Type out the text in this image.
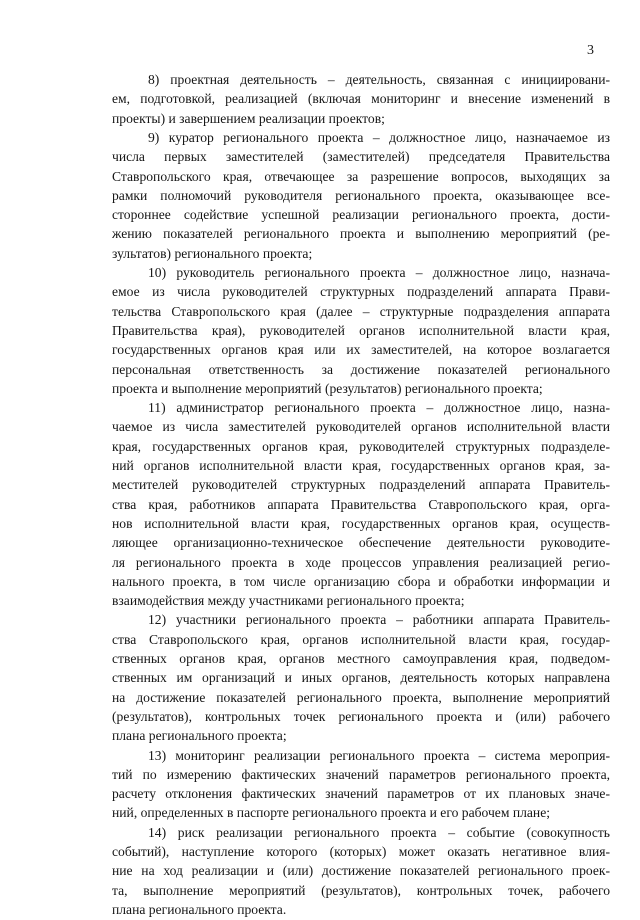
3
8) проектная деятельность – деятельность, связанная с инициировани-
ем, подготовкой, реализацией (включая мониторинг и внесение изменений в
проекты) и завершением реализации проектов;
9) куратор регионального проекта – должностное лицо, назначаемое из
числа первых заместителей (заместителей) председателя Правительства
Ставропольского края, отвечающее за разрешение вопросов, выходящих за
рамки полномочий руководителя регионального проекта, оказывающее все-
стороннее содействие успешной реализации регионального проекта, дости-
жению показателей регионального проекта и выполнению мероприятий (ре-
зультатов) регионального проекта;
10) руководитель регионального проекта – должностное лицо, назнача-
емое из числа руководителей структурных подразделений аппарата Прави-
тельства Ставропольского края (далее – структурные подразделения аппарата
Правительства края), руководителей органов исполнительной власти края,
государственных органов края или их заместителей, на которое возлагается
персональная ответственность за достижение показателей регионального
проекта и выполнение мероприятий (результатов) регионального проекта;
11) администратор регионального проекта – должностное лицо, назна-
чаемое из числа заместителей руководителей органов исполнительной власти
края, государственных органов края, руководителей структурных подразделе-
ний органов исполнительной власти края, государственных органов края, за-
местителей руководителей структурных подразделений аппарата Правитель-
ства края, работников аппарата Правительства Ставропольского края, орга-
нов исполнительной власти края, государственных органов края, осуществ-
ляющее организационно-техническое обеспечение деятельности руководите-
ля регионального проекта в ходе процессов управления реализацией регио-
нального проекта, в том числе организацию сбора и обработки информации и
взаимодействия между участниками регионального проекта;
12) участники регионального проекта – работники аппарата Правитель-
ства Ставропольского края, органов исполнительной власти края, государ-
ственных органов края, органов местного самоуправления края, подведом-
ственных им организаций и иных органов, деятельность которых направлена
на достижение показателей регионального проекта, выполнение мероприятий
(результатов), контрольных точек регионального проекта и (или) рабочего
плана регионального проекта;
13) мониторинг реализации регионального проекта – система мероприя-
тий по измерению фактических значений параметров регионального проекта,
расчету отклонения фактических значений параметров от их плановых значе-
ний, определенных в паспорте регионального проекта и его рабочем плане;
14) риск реализации регионального проекта – событие (совокупность
событий), наступление которого (которых) может оказать негативное влия-
ние на ход реализации и (или) достижение показателей регионального проек-
та, выполнение мероприятий (результатов), контрольных точек, рабочего
плана регионального проекта.
